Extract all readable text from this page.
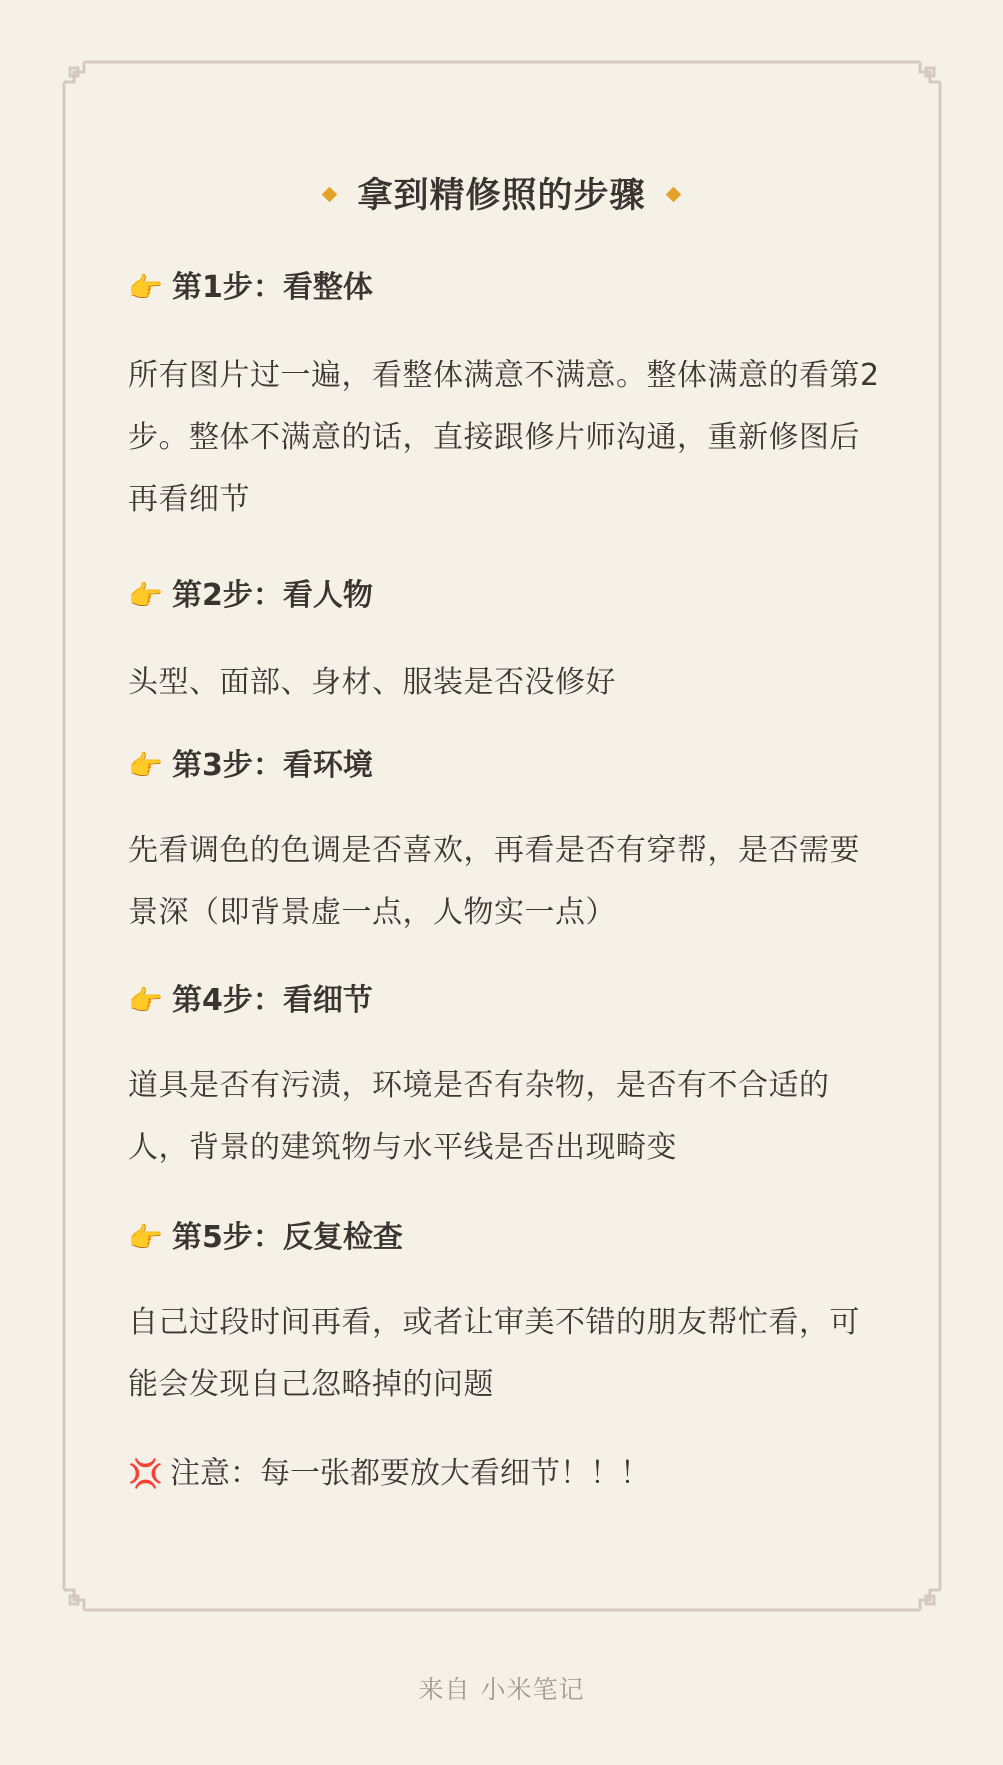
拿到精修照的步骤
👉 第1步：看整体
所有图片过一遍，看整体满意不满意。整体满意的看第2步。整体不满意的话，直接跟修片师沟通，重新修图后再看细节
👉 第2步：看人物
头型、面部、身材、服装是否没修好
👉 第3步：看环境
先看调色的色调是否喜欢，再看是否有穿帮，是否需要景深（即背景虚一点，人物实一点）
👉 第4步：看细节
道具是否有污渍，环境是否有杂物，是否有不合适的人，背景的建筑物与水平线是否出现畸变
👉 第5步：反复检查
自己过段时间再看，或者让审美不错的朋友帮忙看，可能会发现自己忽略掉的问题
💢 注意：每一张都要放大看细节！！！
来自 小米笔记
